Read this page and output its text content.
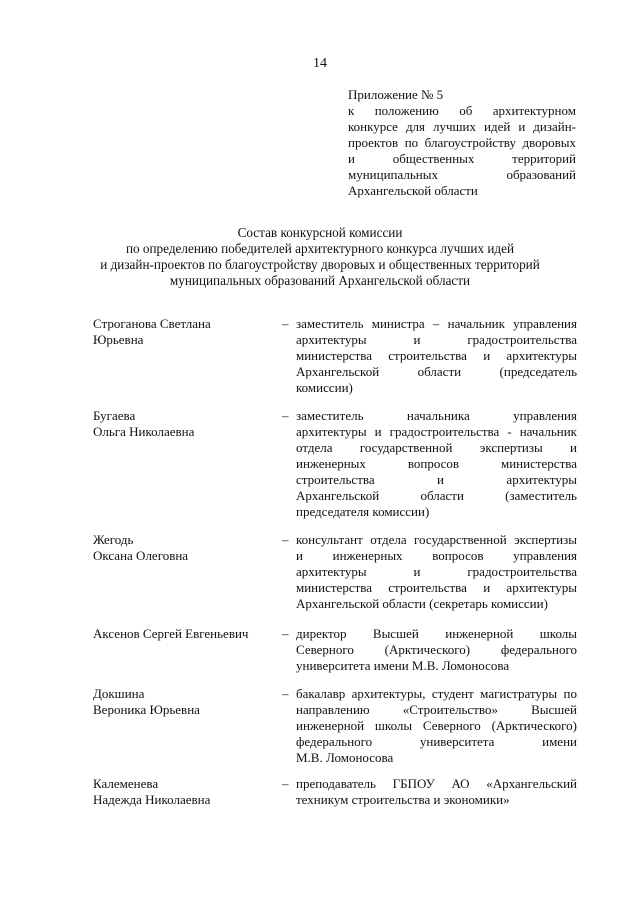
14
Приложение № 5
к положению об архитектурном
конкурсе для лучших идей и дизайн-
проектов по благоустройству дворовых
и общественных территорий
муниципальных образований
Архангельской области
Состав конкурсной комиссии
по определению победителей архитектурного конкурса лучших идей
и дизайн-проектов по благоустройству дворовых и общественных территорий
муниципальных образований Архангельской области
Строганова Светлана
Юрьевна
– заместитель министра – начальник управления
архитектуры и градостроительства
министерства строительства и архитектуры
Архангельской области (председатель
комиссии)
Бугаева
Ольга Николаевна
– заместитель начальника управления
архитектуры и градостроительства - начальник
отдела государственной экспертизы и
инженерных вопросов министерства
строительства и архитектуры
Архангельской области (заместитель
председателя комиссии)
Жегодь
Оксана Олеговна
– консультант отдела государственной экспертизы
и инженерных вопросов управления
архитектуры и градостроительства
министерства строительства и архитектуры
Архангельской области (секретарь комиссии)
Аксенов Сергей Евгеньевич	– директор Высшей инженерной школы
Северного (Арктического) федерального
университета имени М.В. Ломоносова
Докшина
Вероника Юрьевна
– бакалавр архитектуры, студент магистратуры по
направлению «Строительство» Высшей
инженерной школы Северного (Арктического)
федерального университета имени
М.В. Ломоносова
Калеменева
Надежда Николаевна
– преподаватель ГБПОУ АО «Архангельский
техникум строительства и экономики»
